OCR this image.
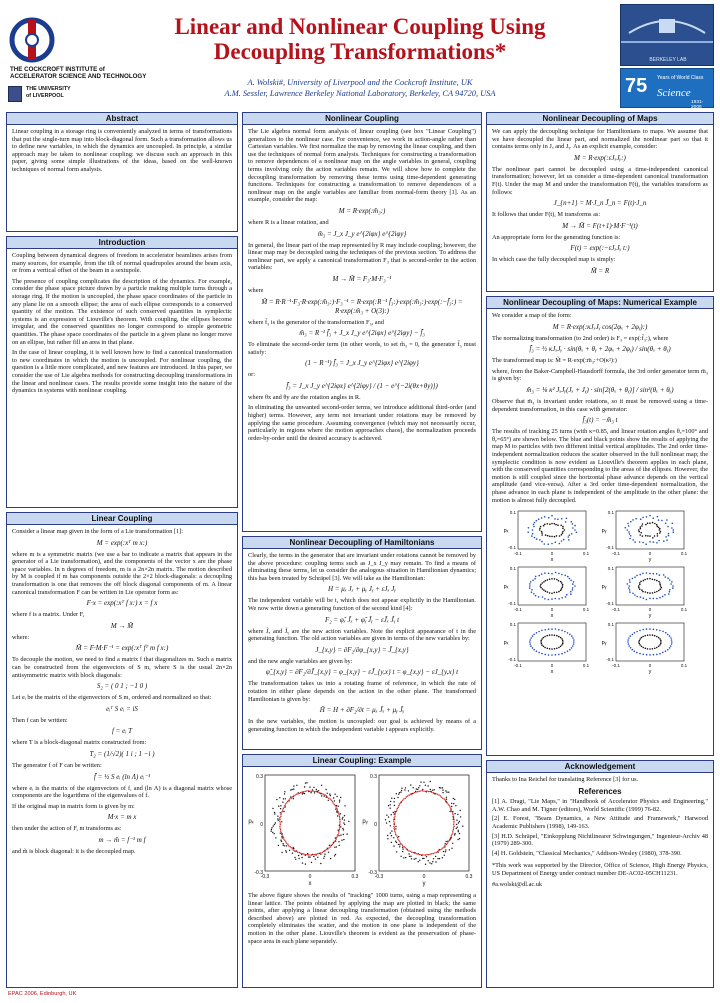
THE COCKCROFT INSTITUTE of
ACCELERATOR SCIENCE AND TECHNOLOGY
THE UNIVERSITY
of LIVERPOOL
Linear and Nonlinear Coupling Using
Decoupling Transformations*
A. Wolski#, University of Liverpool and the Cockcroft Institute, UK
A.M. Sessler, Lawrence Berkeley National Laboratory, Berkeley, CA 94720, USA
BERKELEY LAB
75 Years of World Class
Science
1931-2006
Abstract

Linear coupling in a storage ring is conveniently analyzed in terms of transformations that put the single-turn map into block-diagonal form. Such a transformation allows us to define new variables, in which the dynamics are uncoupled. In principle, a similar approach may be taken to nonlinear coupling: we discuss such an approach in this paper, giving some simple illustrations of the ideas, based on the well-known techniques of normal form analysis.

Introduction

Coupling between dynamical degrees of freedom in accelerator beamlines arises from many sources, for example, from the tilt of normal quadrupoles around the beam axis, or from a vertical offset of the beam in a sextupole.

The presence of coupling complicates the description of the dynamics. For example, consider the phase space picture drawn by a particle making multiple turns through a storage ring. If the motion is uncoupled, the phase space coordinates of the particle in any plane lie on a smooth ellipse; the area of each ellipse corresponds to a conserved quantity of the motion. The existence of such conserved quantities in symplectic systems is an expression of Liouville's theorem. With coupling, the ellipses become irregular, and the conserved quantities no longer correspond to simple geometric quantities. The phase space coordinates of the particle in a given plane no longer move on an ellipse, but rather fill an area in that plane.

In the case of linear coupling, it is well known how to find a canonical transformation to new coordinates in which the motion is uncoupled. For nonlinear coupling, the question is a little more complicated, and new features are introduced. In this paper, we consider the use of Lie algebra methods for constructing decoupling transformations in the linear and nonlinear cases. The results provide some insight into the nature of the dynamics in systems with nonlinear coupling.

Linear Coupling

Consider a linear map given in the form of a Lie transformation [1]:

M = exp(:xᵀ m x:)

where m is a symmetric matrix (we use a bar to indicate a matrix that appears in the generator of a Lie transformation), and the components of the vector x are the phase space variables. In n degrees of freedom, m is a 2n×2n matrix. The motion described by M is coupled if m has components outside the 2×2 block-diagonals: a decoupling transformation is one that removes the off block diagonal components of m. A linear canonical transformation F can be written in Lie operator form as:

F·x = exp(:xᵀ f x:) x = f x

where f is a matrix. Under F,

M → M̃

where:

M̃ = F·M·F⁻¹ = exp(:xᵀ fᵀ m f x:)

To decouple the motion, we need to find a matrix f that diagonalizes m. Such a matrix can be constructed from the eigenvectors of S m, where S is the usual 2n×2n antisymmetric matrix with block diagonals:

S₂ = ( 0 1 ; −1 0 )

Let eᵢ be the matrix of the eigenvectors of S m, ordered and normalized so that:

eᵢᵀ S eᵢ = iS

Then f can be written:

f = eᵢ T

where T is a block-diagonal matrix constructed from:

T₂ = (1/√2)( 1 i ; 1 −i )

The generator f of F can be written:

f̄ = ½ S eᵢ (ln Λ) eᵢ⁻¹

where eᵢ is the matrix of the eigenvectors of f, and (ln Λ) is a diagonal matrix whose components are the logarithms of the eigenvalues of f.

If the original map in matrix form is given by m:

M·x = m x

then under the action of F, m transforms as:

m → m̃ = f⁻¹ m f

and m̃ is block diagonal: it is the decoupled map.

Nonlinear Coupling

The Lie algebra normal form analysis of linear coupling (see box "Linear Coupling") generalizes to the nonlinear case. For convenience, we work in action-angle rather than Cartesian variables. We first normalize the map by removing the linear coupling, and then use the techniques of normal form analysis. Techniques for constructing a transformation to remove dependences of a nonlinear map on the angle variables in general, coupling terms involving only the action variables remain. We will show how to complete the decoupling transformation by removing these terms using time-dependent generating functions. Techniques for constructing a transformation to remove dependences of a nonlinear map on the angle variables are familiar from normal-form theory [1]. As an example, consider the map:

M = R·exp(:m̄₃:)

where R is a linear rotation, and

m̄₃ = J_x J_y e^{2iφx} e^{2iφy}

In general, the linear part of the map represented by R may include coupling; however, the linear map may be decoupled using the techniques of the previous section. To address the nonlinear part, we apply a canonical transformation F₃ that is second-order in the action variables:

M → M̃ = F₃·M·F₃⁻¹

where

M̃ = R·R⁻¹·F₃·R·exp(:m̄₃:)·F₃⁻¹ = R·exp(:R⁻¹ f̄₃:)·exp(:m̄₃:)·exp(:−f̄₃:) = R·exp(:m̃₃ + O(3):)

where f̄₃ is the generator of the transformation F₃, and

m̃₃ = R⁻¹ f̄₃ + J_x J_y e^{2iφx} e^{2iφy} − f̄₃

To eliminate the second-order term (in other words, to set m̃₃ = 0, the generator f̄₃ must satisfy:

(1 − R⁻¹) f̄₃ = J_x J_y e^{2iφx} e^{2iφy}

or:

f̄₃ = J_x J_y e^{2iφx} e^{2iφy} / (1 − e^{−2i(θx+θy)})

where θx and θy are the rotation angles in R.

In eliminating the unwanted second-order terms, we introduce additional third-order (and higher) terms. However, any term not invariant under rotations may be removed by applying the same procedure. Assuming convergence (which may not necessarily occur, particularly in regions where the motion approaches chaos), the normalization proceeds order-by-order until the desired accuracy is achieved.

Nonlinear Decoupling of Hamiltonians

Clearly, the terms in the generator that are invariant under rotations cannot be removed by the above procedure: coupling terms such as J_x J_y may remain. To find a means of eliminating these terms, let us consider the analogous situation in Hamiltonian dynamics; this has been treated by Schräpel [3]. We will take as the Hamiltonian:

H = μₓ Jₓ + μᵧ Jᵧ + εJₓ Jᵧ

The independent variable will be t, which does not appear explicitly in the Hamiltonian. We now write down a generating function of the second kind [4]:

F₂ = φ̃ₓ J̃ₓ + φ̃ᵧ J̃ᵧ − εJ̃ₓ J̃ᵧ t

where J̃ₓ and J̃ᵧ are the new action variables. Note the explicit appearance of t in the generating function. The old action variables are given in terms of the new variables by:

J_{x,y} = ∂F₂/∂φ_{x,y} = J̃_{x,y}

and the new angle variables are given by:

φ̃_{x,y} = ∂F₂/∂J̃_{x,y} = φ_{x,y} − εJ̃_{y,x} t = φ_{x,y} − εJ_{y,x} t

The transformation takes us into a rotating frame of reference, in which the rate of rotation in either plane depends on the action in the other plane. The transformed Hamiltonian is given by:

H̃ = H + ∂F₂/∂t = μₓ J̃ₓ + μᵧ J̃ᵧ

In the new variables, the motion is uncoupled: our goal is achieved by means of a generating function in which the independent variable t appears explicitly.

Linear Coupling: Example
-0.3	0	0.3
0.3
0
-0.3
x
pₓ
-0.3	0	0.3
0.3
0
-0.3
y
pᵧ

The above figure shows the results of "tracking" 1000 turns, using a map representing a linear lattice. The points obtained by applying the map are plotted in black; the same points, after applying a linear decoupling transformation (obtained using the methods described above) are plotted in red. As expected, the decoupling transformation completely eliminates the scatter, and the motion in one plane is independent of the motion in the other plane. Liouville's theorem is evident as the preservation of phase-space area in each plane separately.

Nonlinear Decoupling of Maps

We can apply the decoupling technique for Hamiltonians to maps. We assume that we have decoupled the linear part, and normalized the nonlinear part so that it contains terms only in Jₓ and Jᵧ. As an explicit example, consider:

M = R·exp(:εJₓJᵧ:)

The nonlinear part cannot be decoupled using a time-independent canonical transformation; however, let us consider a time-dependent canonical transformation F(t). Under the map M and under the transformation F(t), the variables transform as follows:

J_{n+1} = M·J_n J̃_n = F(t)·J_n

It follows that under F(t), M transforms as:

M → M̃ = F(t+1)·M·F⁻¹(t)

An appropriate form for the generating function is:

F(t) = exp(:−εJₓJᵧ t:)

In which case the fully decoupled map is simply:

M̃ = R
Nonlinear Decoupling of Maps: Numerical Example

We consider a map of the form:

M = R·exp(:κJₓJᵧ cos(2φₓ + 2φᵧ):)

The normalizing transformation (to 2nd order) is F₃ = exp(:f̄₃:), where

f̄₃ = ½ κJₓJᵧ · sin(θₓ + θᵧ + 2φₓ + 2φᵧ) / sin(θₓ + θᵧ)

The transformed map is: M̃ = R·exp(:m̄₃:+O(κ²):)

where, from the Baker-Campbell-Hausdorff formula, the 3rd order generator term m̄₃ is given by:

m̄₃ = ⅛ κ² JₓJᵧ(Jₓ + Jᵧ) · sin[2(θₓ + θᵧ)] / sin²(θₓ + θᵧ)

Observe that m̄₃ is invariant under rotations, so it must be removed using a time-dependent transformation, in this case with generator:

f̄₃(t) = −m̄₃ t

The results of tracking 25 turns (with κ=0.85, and linear rotation angles θₓ=100° and θᵧ=65°) are shown below. The blue and black points show the results of applying the map M to particles with two different initial vertical amplitudes. The 2nd order time-independent normalization reduces the scatter observed in the full nonlinear map; the symplectic condition is now evident as Liouville's theorem applies in each plane, with the conserved quantities corresponding to the areas of the ellipses. However, the motion is still coupled since the horizontal phase advance depends on the vertical amplitude (and vice-versa). After a 3rd order time-dependent normalization, the phase advance in each plane is independent of the amplitude in the other plane: the motion is almost fully decoupled.

-0.1	0	0.1
0.1
-0.1
x
pₓ
-0.1	0	0.1
0.1
-0.1
y
pᵧ
-0.1	0	0.1
0.1
-0.1
x
pₓ
-0.1	0	0.1
0.1
-0.1
y
pᵧ
-0.1	0	0.1
0.1
-0.1
x
pₓ
-0.1	0	0.1
0.1
-0.1
y
pᵧ
Acknowledgement

Thanks to Ina Reichel for translating Reference [3] for us.

References
[1] A. Dragt, "Lie Maps," in "Handbook of Accelerator Physics and Engineering," A.W. Chao and M. Tigner (editors), World Scientific (1999) 76-82.
[2] E. Forest, "Beam Dynamics, a New Attitude and Framework," Harwood Academic Publishers (1998), 149-163.
[3] H.D. Schräpel, "Einkopplung Nichtlinearer Schwingungen," Ingenieur-Archiv 48 (1979) 289-300.
[4] H. Goldstein, "Classical Mechanics," Addison-Wesley (1980), 378-390.

*This work was supported by the Director, Office of Science, High Energy Physics, US Department of Energy under contract number DE-AC02-05CH11231.

#a.wolski@dl.ac.uk

EPAC 2006, Edinburgh, UK
